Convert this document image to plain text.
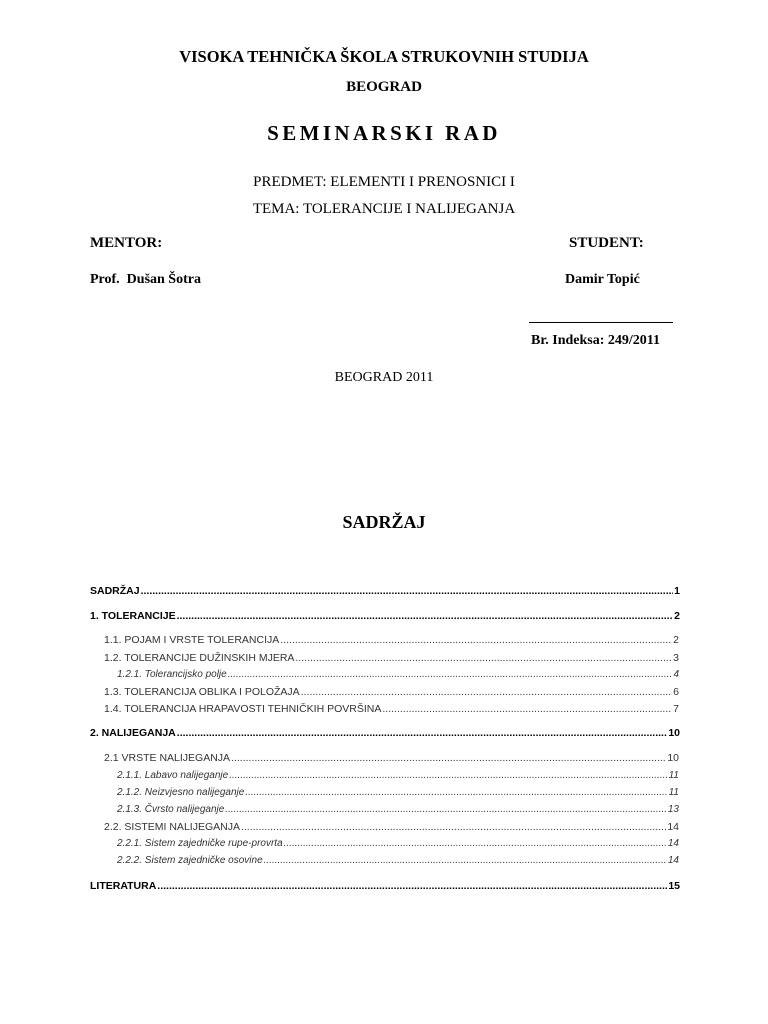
VISOKA TEHNIČKA ŠKOLA STRUKOVNIH STUDIJA
BEOGRAD
SEMINARSKI RAD
PREDMET: ELEMENTI I PRENOSNICI I
TEMA: TOLERANCIJE I NALIJEGANJA
MENTOR:	STUDENT:
Prof.  Dušan Šotra	Damir Topić
Br. Indeksa: 249/2011
BEOGRAD 2011
SADRŽAJ
SADRŽAJ .....	1
1. TOLERANCIJE .....	2
1.1. POJAM I VRSTE TOLERANCIJA .....	2
1.2. TOLERANCIJE DUŽINSKIH MJERA .....	3
1.2.1. Tolerancijsko polje .....	4
1.3. TOLERANCIJA OBLIKA I POLOŽAJA .....	6
1.4. TOLERANCIJA HRAPAVOSTI TEHNIČKIH POVRŠINA .....	7
2. NALIJEGANJA .....	10
2.1 VRSTE NALIJEGANJA .....	10
2.1.1. Labavo nalijeganje .....	11
2.1.2. Neizvjesno nalijeganje .....	11
2.1.3. Čvrsto nalijeganje .....	13
2.2. SISTEMI NALIJEGANJA .....	14
2.2.1. Sistem zajedničke rupe-provrta .....	14
2.2.2. Sistem zajedničke osovine .....	14
LITERATURA .....	15
